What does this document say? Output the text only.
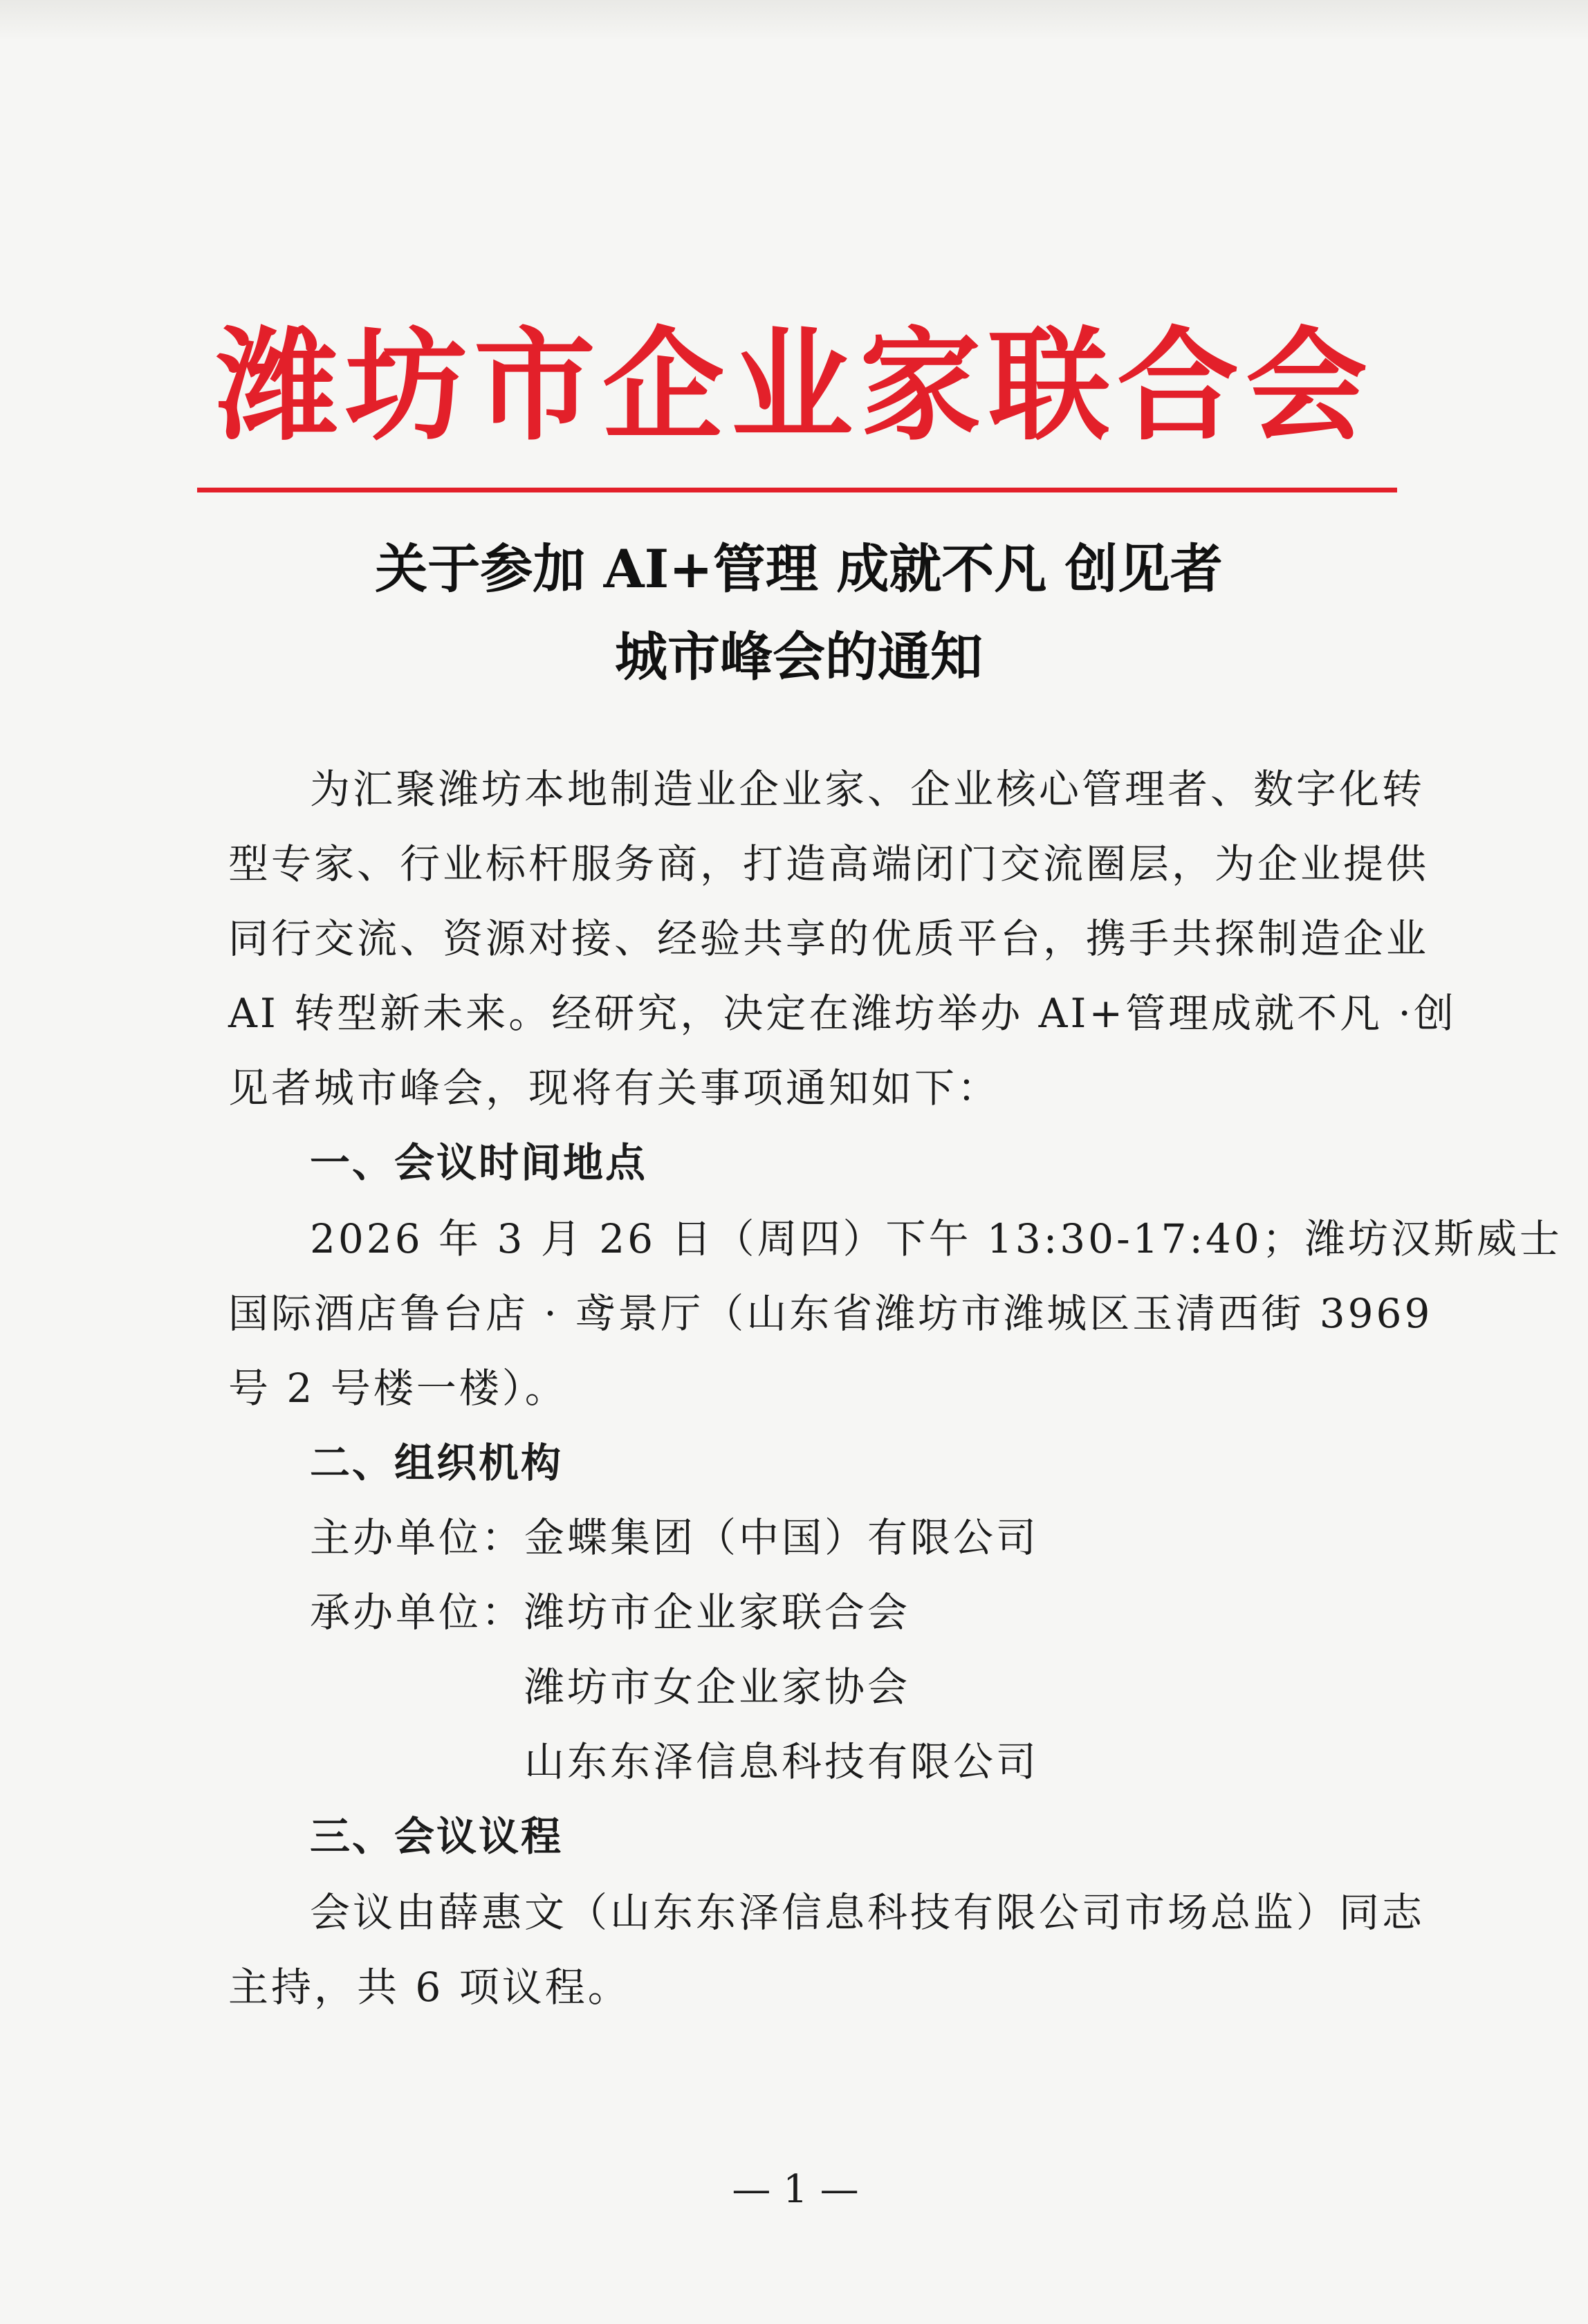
潍坊市企业家联合会
关于参加 AI+管理 成就不凡 创见者
城市峰会的通知
为汇聚潍坊本地制造业企业家、企业核心管理者、数字化转
型专家、行业标杆服务商，打造高端闭门交流圈层，为企业提供
同行交流、资源对接、经验共享的优质平台，携手共探制造企业
AI 转型新未来。经研究，决定在潍坊举办 AI+管理成就不凡 ·创
见者城市峰会，现将有关事项通知如下：
一、会议时间地点
2026 年 3 月 26 日（周四）下午 13:30-17:40；潍坊汉斯威士
国际酒店鲁台店 · 鸢景厅（山东省潍坊市潍城区玉清西街 3969
号 2 号楼一楼）。
二、组织机构
主办单位： 金蝶集团（中国）有限公司
承办单位： 潍坊市企业家联合会
潍坊市女企业家协会
山东东泽信息科技有限公司
三、会议议程
会议由薛惠文（山东东泽信息科技有限公司市场总监）同志
主持，共 6 项议程。
— 1 —
